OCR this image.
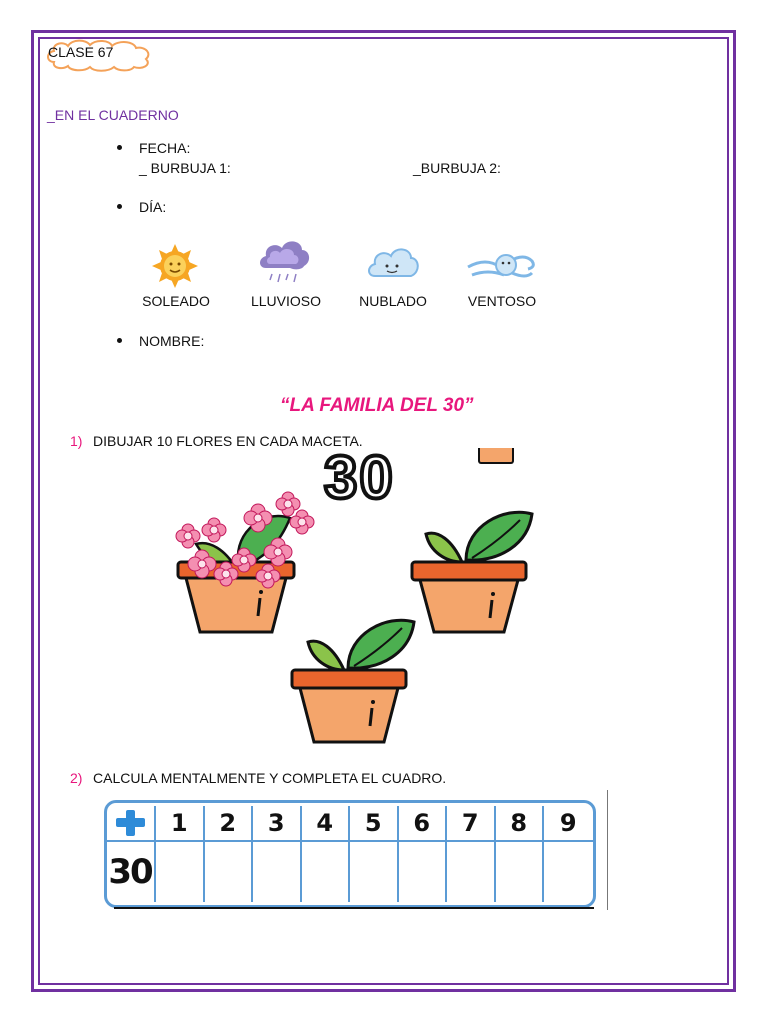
CLASE 67
_EN EL CUADERNO
FECHA:
_ BURBUJA 1:	_BURBUJA 2:
DÍA:
SOLEADO	LLUVIOSO	NUBLADO	VENTOSO
NOMBRE:
“LA FAMILIA DEL 30”
1) DIBUJAR 10 FLORES EN CADA MACETA.
30
2) CALCULA MENTALMENTE Y COMPLETA EL CUADRO.
1	2	3	4	5	6	7	8	9
30
